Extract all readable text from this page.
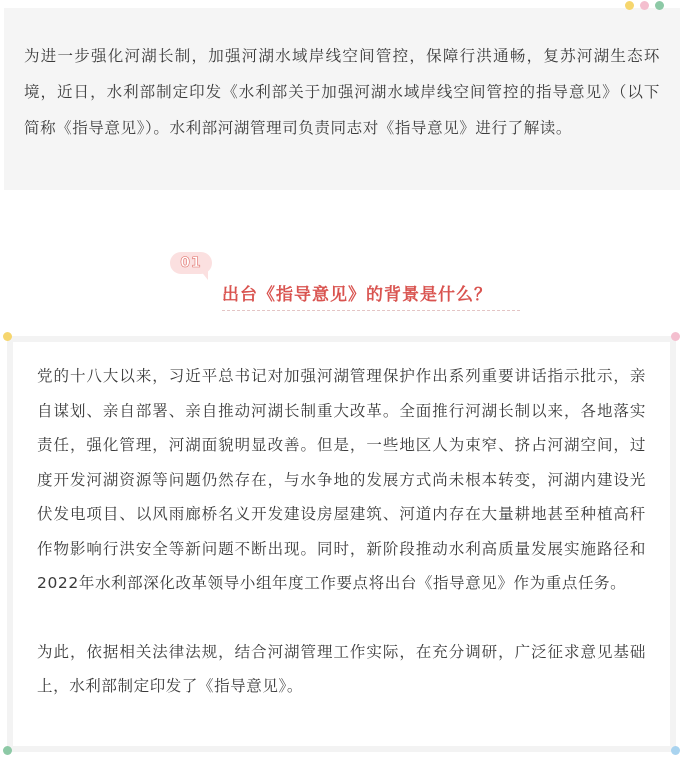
为进一步强化河湖长制，加强河湖水域岸线空间管控，保障行洪通畅，复苏河湖生态环境，近日，水利部制定印发《水利部关于加强河湖水域岸线空间管控的指导意见》（以下简称《指导意见》）。水利部河湖管理司负责同志对《指导意见》进行了解读。

01
出台《指导意见》的背景是什么？

党的十八大以来，习近平总书记对加强河湖管理保护作出系列重要讲话指示批示，亲自谋划、亲自部署、亲自推动河湖长制重大改革。全面推行河湖长制以来，各地落实责任，强化管理，河湖面貌明显改善。但是，一些地区人为束窄、挤占河湖空间，过度开发河湖资源等问题仍然存在，与水争地的发展方式尚未根本转变，河湖内建设光伏发电项目、以风雨廊桥名义开发建设房屋建筑、河道内存在大量耕地甚至种植高秆作物影响行洪安全等新问题不断出现。同时，新阶段推动水利高质量发展实施路径和2022年水利部深化改革领导小组年度工作要点将出台《指导意见》作为重点任务。

为此，依据相关法律法规，结合河湖管理工作实际，在充分调研，广泛征求意见基础上，水利部制定印发了《指导意见》。
